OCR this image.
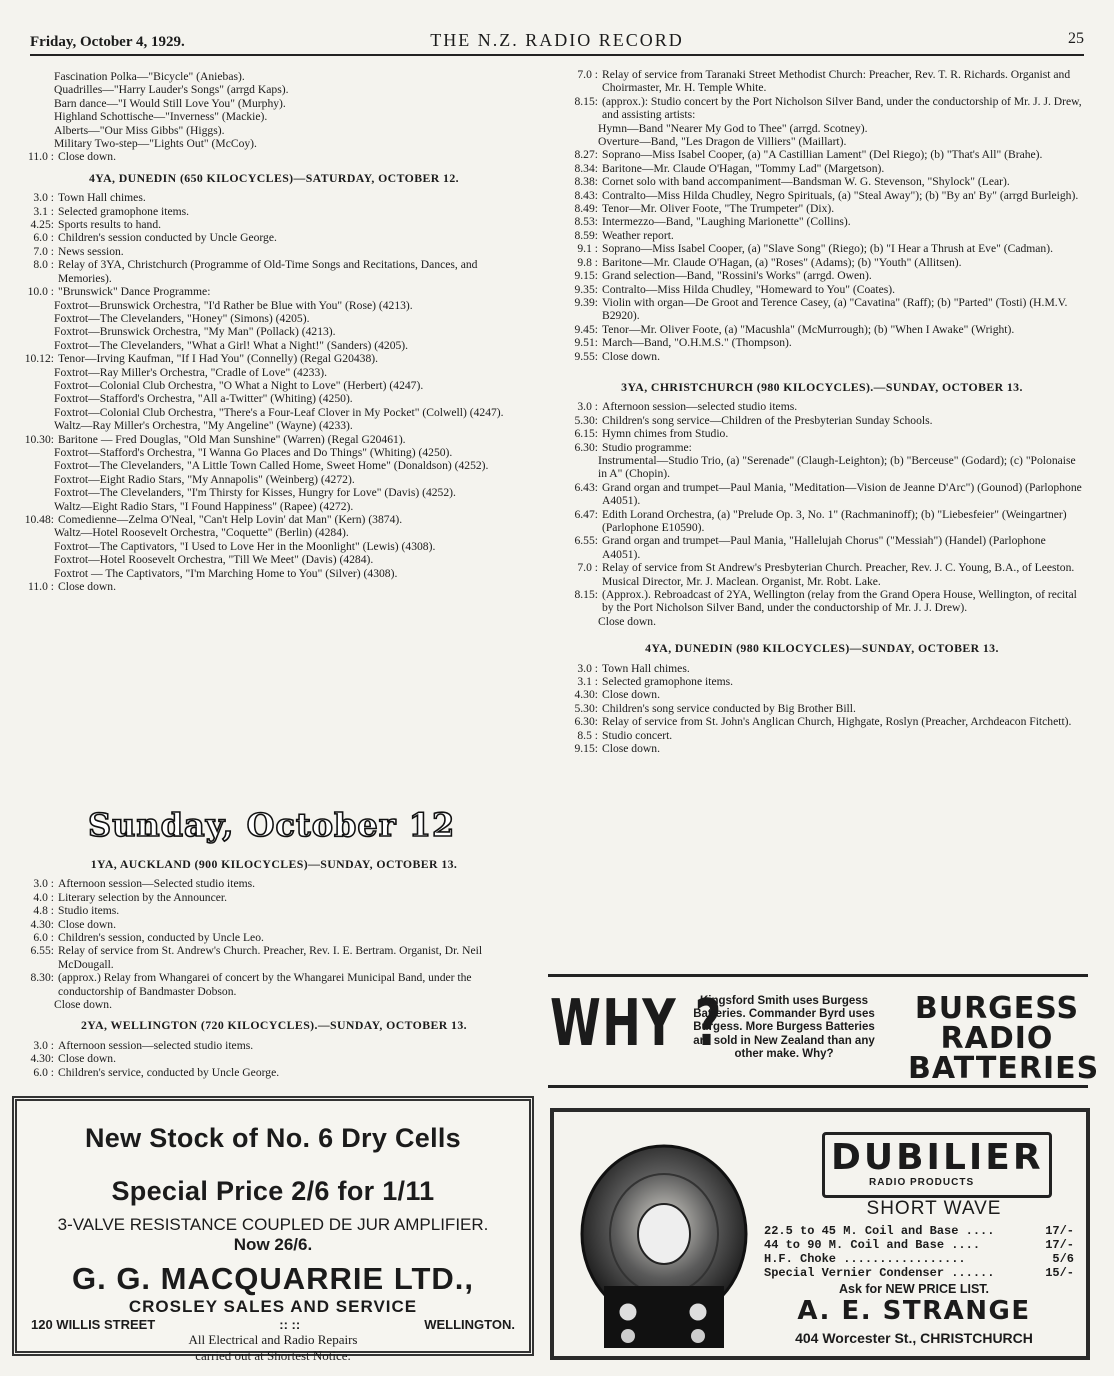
Friday, October 4, 1929.	THE N.Z. RADIO RECORD	25
Fascination Polka—"Bicycle" (Aniebas).
Quadrilles—"Harry Lauder's Songs" (arrgd Kaps).
Barn dance—"I Would Still Love You" (Murphy).
Highland Schottische—"Inverness" (Mackie).
Alberts—"Our Miss Gibbs" (Higgs).
Military Two-step—"Lights Out" (McCoy).
11.0 : Close down.
4YA, DUNEDIN (650 KILOCYCLES)—SATURDAY, OCTOBER 12.
3.0 : Town Hall chimes.
3.1 : Selected gramophone items.
4.25: Sports results to hand.
6.0 : Children's session conducted by Uncle George.
7.0 : News session.
8.0 : Relay of 3YA, Christchurch (Programme of Old-Time Songs and Recitations, Dances, and Memories).
10.0 : "Brunswick" Dance Programme:
Foxtrot—Brunswick Orchestra, "I'd Rather be Blue with You" (Rose) (4213).
Foxtrot—The Clevelanders, "Honey" (Simons) (4205).
Foxtrot—Brunswick Orchestra, "My Man" (Pollack) (4213).
Foxtrot—The Clevelanders, "What a Girl! What a Night!" (Sanders) (4205).
10.12: Tenor—Irving Kaufman, "If I Had You" (Connelly) (Regal G20438).
Foxtrot—Ray Miller's Orchestra, "Cradle of Love" (4233).
Foxtrot—Colonial Club Orchestra, "O What a Night to Love" (Herbert) (4247).
Foxtrot—Stafford's Orchestra, "All a-Twitter" (Whiting) (4250).
Foxtrot—Colonial Club Orchestra, "There's a Four-Leaf Clover in My Pocket" (Colwell) (4247).
Waltz—Ray Miller's Orchestra, "My Angeline" (Wayne) (4233).
10.30: Baritone — Fred Douglas, "Old Man Sunshine" (Warren) (Regal G20461).
Foxtrot—Stafford's Orchestra, "I Wanna Go Places and Do Things" (Whiting) (4250).
Foxtrot—The Clevelanders, "A Little Town Called Home, Sweet Home" (Donaldson) (4252).
Foxtrot—Eight Radio Stars, "My Annapolis" (Weinberg) (4272).
Foxtrot—The Clevelanders, "I'm Thirsty for Kisses, Hungry for Love" (Davis) (4252).
Waltz—Eight Radio Stars, "I Found Happiness" (Rapee) (4272).
10.48: Comedienne—Zelma O'Neal, "Can't Help Lovin' dat Man" (Kern) (3874).
Waltz—Hotel Roosevelt Orchestra, "Coquette" (Berlin) (4284).
Foxtrot—The Captivators, "I Used to Love Her in the Moonlight" (Lewis) (4308).
Foxtrot—Hotel Roosevelt Orchestra, "Till We Meet" (Davis) (4284).
Foxtrot — The Captivators, "I'm Marching Home to You" (Silver) (4308).
11.0 : Close down.
Sunday, October 12
1YA, AUCKLAND (900 KILOCYCLES)—SUNDAY, OCTOBER 13.
3.0 : Afternoon session—Selected studio items.
4.0 : Literary selection by the Announcer.
4.8 : Studio items.
4.30: Close down.
6.0 : Children's session, conducted by Uncle Leo.
6.55: Relay of service from St. Andrew's Church. Preacher, Rev. I. E. Bertram. Organist, Dr. Neil McDougall.
8.30: (approx.) Relay from Whangarei of concert by the Whangarei Municipal Band, under the conductorship of Bandmaster Dobson.
Close down.
2YA, WELLINGTON (720 KILOCYCLES).—SUNDAY, OCTOBER 13.
3.0 : Afternoon session—selected studio items.
4.30: Close down.
6.0 : Children's service, conducted by Uncle George.
7.0 : Relay of service from Taranaki Street Methodist Church: Preacher, Rev. T. R. Richards. Organist and Choirmaster, Mr. H. Temple White.
8.15: (approx.): Studio concert by the Port Nicholson Silver Band, under the conductorship of Mr. J. J. Drew, and assisting artists:
Hymn—Band "Nearer My God to Thee" (arrgd. Scotney).
Overture—Band, "Les Dragon de Villiers" (Maillart).
8.27: Soprano—Miss Isabel Cooper, (a) "A Castillian Lament" (Del Riego); (b) "That's All" (Brahe).
8.34: Baritone—Mr. Claude O'Hagan, "Tommy Lad" (Margetson).
8.38: Cornet solo with band accompaniment—Bandsman W. G. Stevenson, "Shylock" (Lear).
8.43: Contralto—Miss Hilda Chudley, Negro Spirituals, (a) "Steal Away"); (b) "By an' By" (arrgd Burleigh).
8.49: Tenor—Mr. Oliver Foote, "The Trumpeter" (Dix).
8.53: Intermezzo—Band, "Laughing Marionette" (Collins).
8.59: Weather report.
9.1 : Soprano—Miss Isabel Cooper, (a) "Slave Song" (Riego); (b) "I Hear a Thrush at Eve" (Cadman).
9.8 : Baritone—Mr. Claude O'Hagan, (a) "Roses" (Adams); (b) "Youth" (Allitsen).
9.15: Grand selection—Band, "Rossini's Works" (arrgd. Owen).
9.35: Contralto—Miss Hilda Chudley, "Homeward to You" (Coates).
9.39: Violin with organ—De Groot and Terence Casey, (a) "Cavatina" (Raff); (b) "Parted" (Tosti) (H.M.V. B2920).
9.45: Tenor—Mr. Oliver Foote, (a) "Macushla" (McMurrough); (b) "When I Awake" (Wright).
9.51: March—Band, "O.H.M.S." (Thompson).
9.55: Close down.
3YA, CHRISTCHURCH (980 KILOCYCLES).—SUNDAY, OCTOBER 13.
3.0 : Afternoon session—selected studio items.
5.30: Children's song service—Children of the Presbyterian Sunday Schools.
6.15: Hymn chimes from Studio.
6.30: Studio programme:
Instrumental—Studio Trio, (a) "Serenade" (Claugh-Leighton); (b) "Berceuse" (Godard); (c) "Polonaise in A" (Chopin).
6.43: Grand organ and trumpet—Paul Mania, "Meditation—Vision de Jeanne D'Arc") (Gounod) (Parlophone A4051).
6.47: Edith Lorand Orchestra, (a) "Prelude Op. 3, No. 1" (Rachmaninoff); (b) "Liebesfeier" (Weingartner) (Parlophone E10590).
6.55: Grand organ and trumpet—Paul Mania, "Hallelujah Chorus" ("Messiah") (Handel) (Parlophone A4051).
7.0 : Relay of service from St Andrew's Presbyterian Church. Preacher, Rev. J. C. Young, B.A., of Leeston. Musical Director, Mr. J. Maclean. Organist, Mr. Robt. Lake.
8.15: (Approx.). Rebroadcast of 2YA, Wellington (relay from the Grand Opera House, Wellington, of recital by the Port Nicholson Silver Band, under the conductorship of Mr. J. J. Drew).
Close down.
4YA, DUNEDIN (980 KILOCYCLES)—SUNDAY, OCTOBER 13.
3.0 : Town Hall chimes.
3.1 : Selected gramophone items.
4.30: Close down.
5.30: Children's song service conducted by Big Brother Bill.
6.30: Relay of service from St. John's Anglican Church, Highgate, Roslyn (Preacher, Archdeacon Fitchett).
8.5 : Studio concert.
9.15: Close down.
WHY ?
Kingsford Smith uses Burgess Batteries. Commander Byrd uses Burgess. More Burgess Batteries are sold in New Zealand than any other make. Why?
BURGESS
RADIO
BATTERIES
New Stock of No. 6 Dry Cells
Special Price 2/6 for 1/11
3-VALVE RESISTANCE COUPLED DE JUR AMPLIFIER.
Now 26/6.
G. G. MACQUARRIE LTD.,
CROSLEY SALES AND SERVICE
120 WILLIS STREET	:: ::	WELLINGTON.
All Electrical and Radio Repairs
carried out at Shortest Notice.
DUBILIER
RADIO PRODUCTS
SHORT WAVE
22.5 to 45 M. Coil and Base ....	17/-
44 to 90 M. Coil and Base ....	17/-
H.F. Choke .................	5/6
Special Vernier Condenser ......	15/-
Ask for NEW PRICE LIST.
A. E. STRANGE
404 Worcester St., CHRISTCHURCH
